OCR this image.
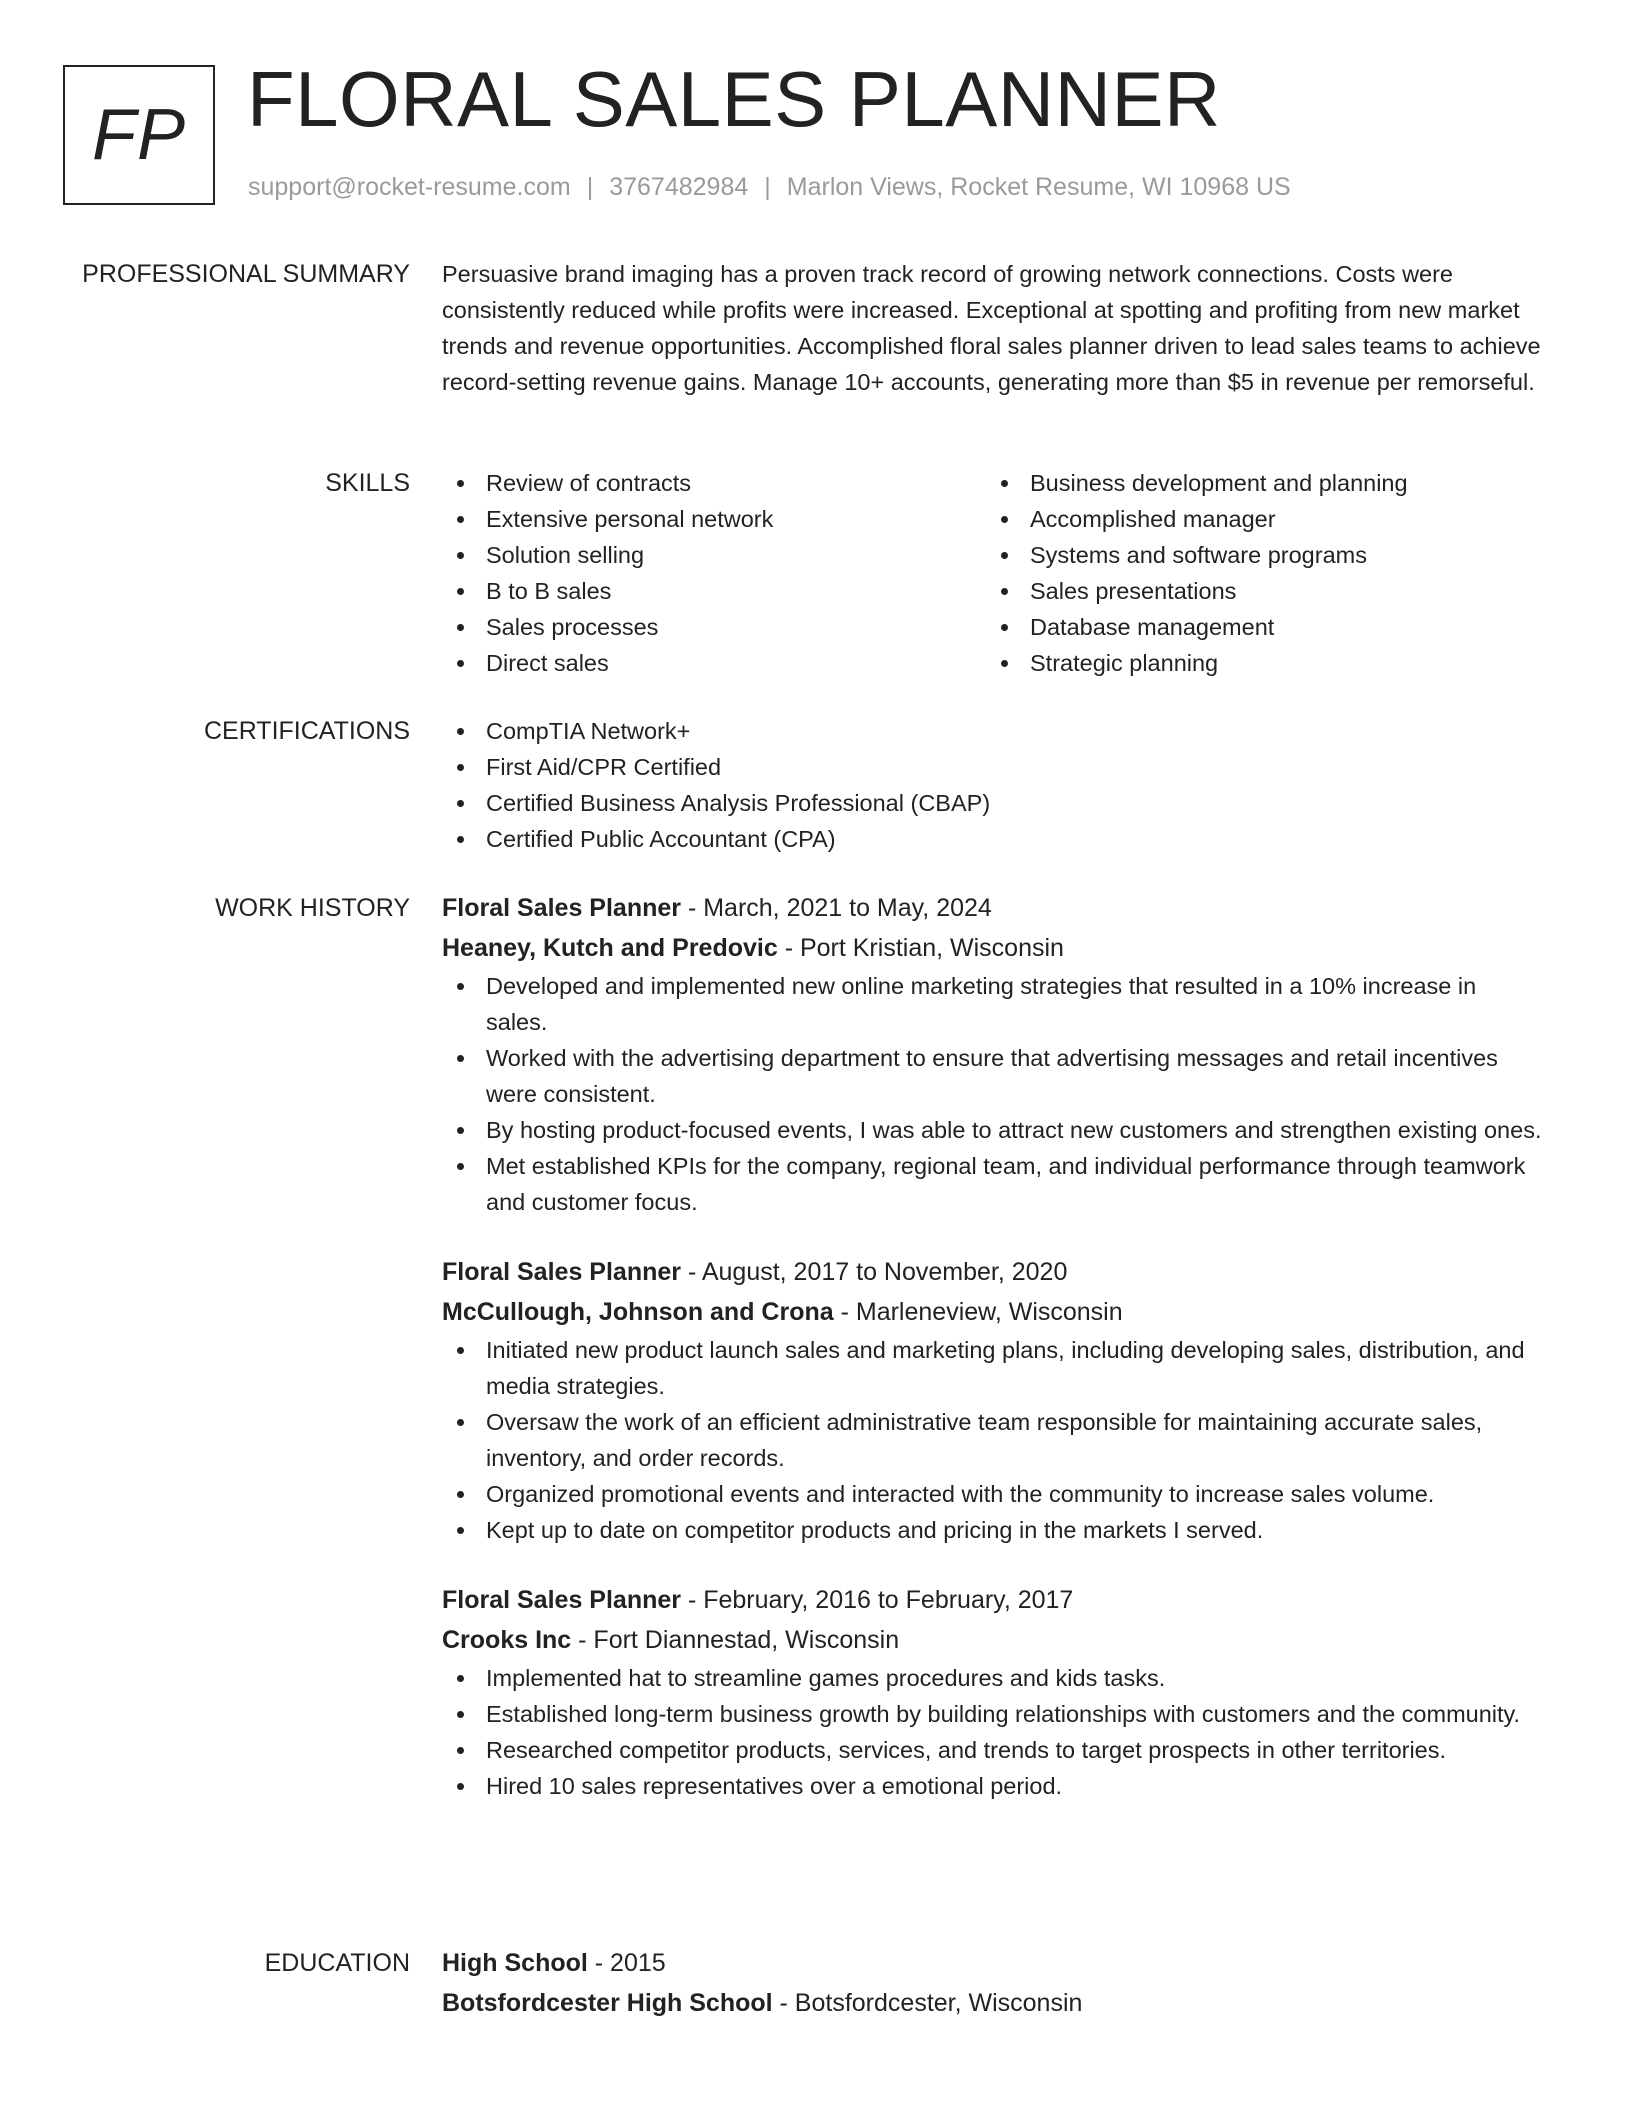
FP FLORAL SALES PLANNER
support@rocket-resume.com | 3767482984 | Marlon Views, Rocket Resume, WI 10968 US
PROFESSIONAL SUMMARY Persuasive brand imaging has a proven track record of growing network connections. Costs were consistently reduced while profits were increased. Exceptional at spotting and profiting from new market trends and revenue opportunities. Accomplished floral sales planner driven to lead sales teams to achieve record-setting revenue gains. Manage 10+ accounts, generating more than $5 in revenue per remorseful.

SKILLS	Review of contracts
Extensive personal network
Solution selling
B to B sales
Sales processes
Direct sales
Business development and planning
Accomplished manager
Systems and software programs
Sales presentations
Database management
Strategic planning
CERTIFICATIONS	CompTIA Network+
First Aid/CPR Certified
Certified Business Analysis Professional (CBAP)
Certified Public Accountant (CPA)
WORK HISTORY Floral Sales Planner - March, 2021 to May, 2024
Heaney, Kutch and Predovic - Port Kristian, Wisconsin
Developed and implemented new online marketing strategies that resulted in a 10% increase in sales.
Worked with the advertising department to ensure that advertising messages and retail incentives were consistent.
By hosting product-focused events, I was able to attract new customers and strengthen existing ones.
Met established KPIs for the company, regional team, and individual performance through teamwork and customer focus.
Floral Sales Planner - August, 2017 to November, 2020
McCullough, Johnson and Crona - Marleneview, Wisconsin
Initiated new product launch sales and marketing plans, including developing sales, distribution, and media strategies.
Oversaw the work of an efficient administrative team responsible for maintaining accurate sales, inventory, and order records.
Organized promotional events and interacted with the community to increase sales volume.
Kept up to date on competitor products and pricing in the markets I served.
Floral Sales Planner - February, 2016 to February, 2017
Crooks Inc - Fort Diannestad, Wisconsin
Implemented hat to streamline games procedures and kids tasks.
Established long-term business growth by building relationships with customers and the community.
Researched competitor products, services, and trends to target prospects in other territories.
Hired 10 sales representatives over a emotional period.
EDUCATION High School - 2015
Botsfordcester High School - Botsfordcester, Wisconsin
